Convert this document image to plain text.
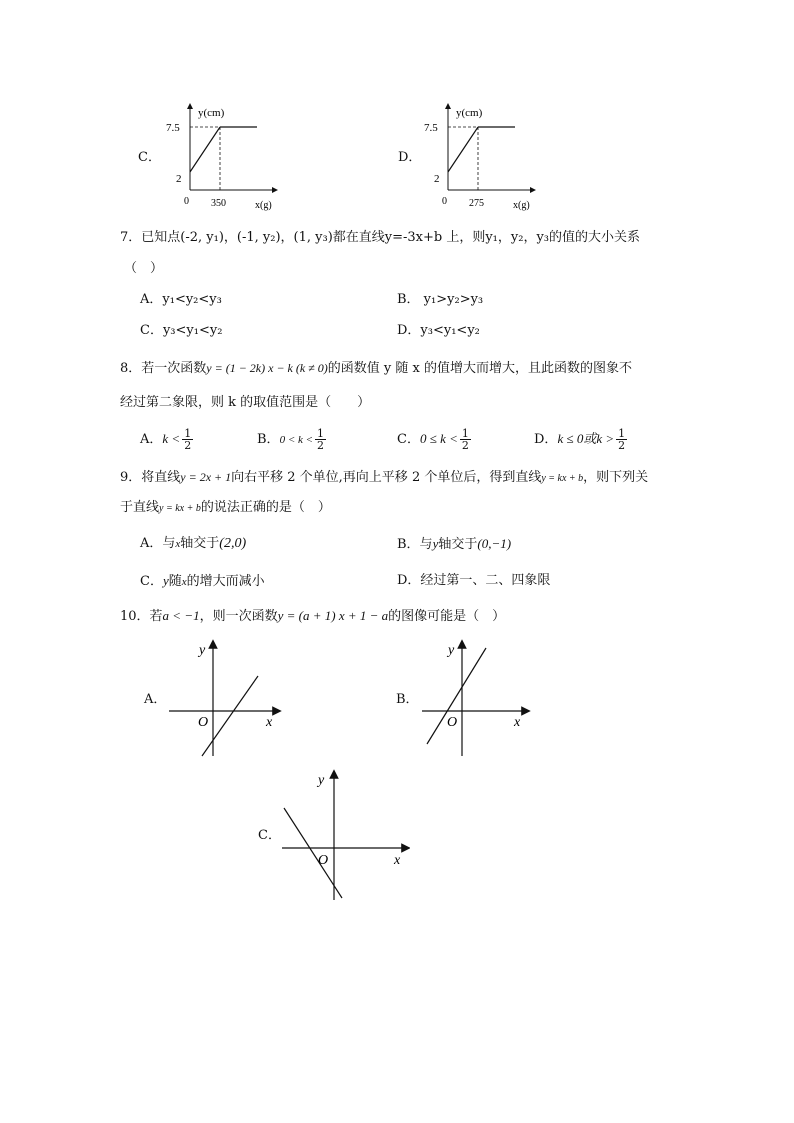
C．
y(cm)
7.5
2
0 350	x(g)
D．
y(cm)
7.5
2
0 275	x(g)
7．已知点(-2, y₁)，(-1, y₂)，(1, y₃)都在直线y=-3x+b 上，则y₁，y₂，y₃的值的大小关系
（　）
A．y₁<y₂<y₃	B． y₁>y₂>y₃
C．y₃<y₁<y₂	D．y₃<y₁<y₂
8．若一次函数y = (1 − 2k) x − k (k ≠ 0)的函数值 y 随 x 的值增大而增大，且此函数的图象不
经过第二象限，则 k 的取值范围是（　　）
A．$k < \frac{1}{2}$	B．$0 < k < \frac{1}{2}$	C．$0 \le k < \frac{1}{2}$	D．k ≤ 0或$k > \frac{1}{2}$
9．将直线y = 2x + 1向右平移 2 个单位,再向上平移 2 个单位后，得到直线y = kx + b，则下列关
于直线y = kx + b的说法正确的是（　）
A．与x轴交于(2,0)	B．与y轴交于(0,−1)
C．y随x的增大而减小	D．经过第一、二、四象限
10．若a < −1，则一次函数y = (a + 1) x + 1 − a的图像可能是（　）
A．
y
x
O
B．
y
x
O
C．
y
x
O
